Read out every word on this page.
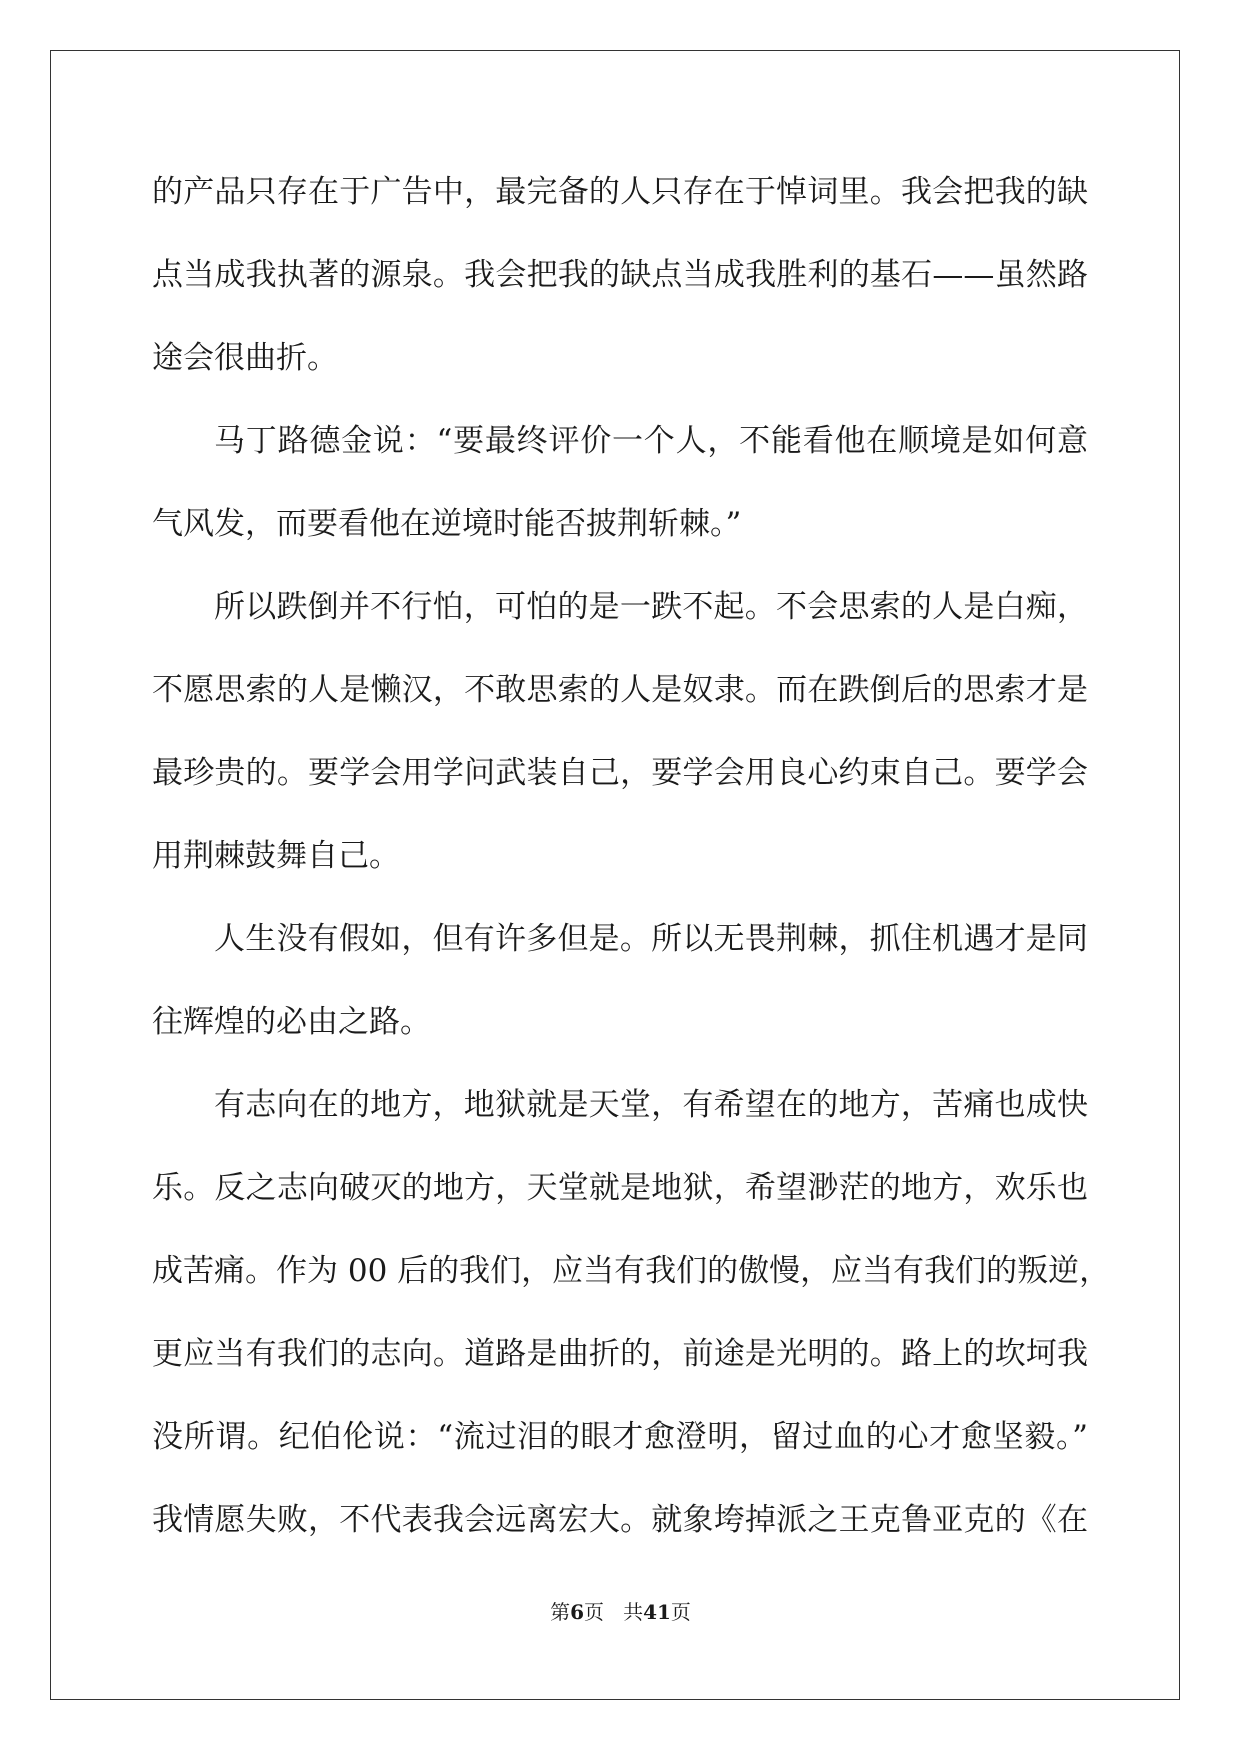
的产品只存在于广告中，最完备的人只存在于悼词里。我会把我的缺
点当成我执著的源泉。我会把我的缺点当成我胜利的基石——虽然路
途会很曲折。
马丁路德金说：“要最终评价一个人，不能看他在顺境是如何意
气风发，而要看他在逆境时能否披荆斩棘。”
所以跌倒并不行怕，可怕的是一跌不起。不会思索的人是白痴，
不愿思索的人是懒汉，不敢思索的人是奴隶。而在跌倒后的思索才是
最珍贵的。要学会用学问武装自己，要学会用良心约束自己。要学会
用荆棘鼓舞自己。
人生没有假如，但有许多但是。所以无畏荆棘，抓住机遇才是同
往辉煌的必由之路。
有志向在的地方，地狱就是天堂，有希望在的地方，苦痛也成快
乐。反之志向破灭的地方，天堂就是地狱，希望渺茫的地方，欢乐也
成苦痛。作为 00 后的我们，应当有我们的傲慢，应当有我们的叛逆，
更应当有我们的志向。道路是曲折的，前途是光明的。路上的坎坷我
没所谓。纪伯伦说：“流过泪的眼才愈澄明，留过血的心才愈坚毅。”
我情愿失败，不代表我会远离宏大。就象垮掉派之王克鲁亚克的《在
第6页 共41页
